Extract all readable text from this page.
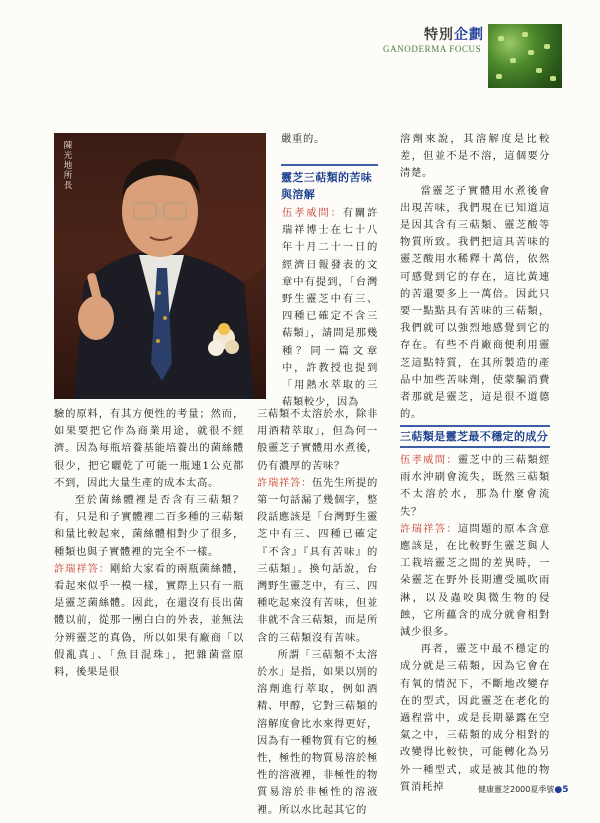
特別企劃
GANODERMA FOCUS
陳光地所長

嚴重的。

靈芝三萜類的苦味與溶解

伍孝威問：有關許瑞祥博士在七十八年十月二十一日的經濟日報發表的文章中有提到，「台灣野生靈芝中有三、四種已確定不含三萜類」，請問是那幾種？同一篇文章中，許教授也提到「用熱水萃取的三萜類較少，因為

三萜類不太溶於水，除非用酒精萃取」，但為何一般靈芝子實體用水煮後，仍有濃厚的苦味？

許瑞祥答：伍先生所提的第一句話漏了幾個字，整段話應該是「台灣野生靈芝中有三、四種已確定『不含』『具有苦味』的三萜類」。換句話說，台灣野生靈芝中，有三、四種吃起來沒有苦味，但並非就不含三萜類，而是所含的三萜類沒有苦味。

所謂「三萜類不太溶於水」是指，如果以別的溶劑進行萃取，例如酒精、甲醇，它對三萜類的溶解度會比水來得更好，因為有一種物質有它的極性，極性的物質易溶於極性的溶液裡，非極性的物質易溶於非極性的溶液裡。所以水比起其它的

驗的原料，有其方便性的考量；然而，如果要把它作為商業用途，就很不經濟。因為每瓶培養基能培養出的菌絲體很少，把它曬乾了可能一瓶連1公克都不到，因此大量生產的成本太高。

至於菌絲體裡是否含有三萜類？有，只是和子實體裡二百多種的三萜類和量比較起來，菌絲體相對少了很多，種類也與子實體裡的完全不一樣。

許瑞祥答：剛給大家看的兩瓶菌絲體，看起來似乎一模一樣，實際上只有一瓶是靈芝菌絲體。因此，在還沒有長出菌體以前，從那一團白白的外表，並無法分辨靈芝的真偽，所以如果有廠商「以假亂真」、「魚目混珠」，把雜菌當原料，後果是很

溶劑來說，其溶解度是比較差，但並不是不溶，這個要分清楚。

當靈芝子實體用水煮後會出現苦味，我們現在已知道這是因其含有三萜類、靈芝酸等物質所致。我們把這具苦味的靈芝酸用水稀釋十萬倍，依然可感覺到它的存在，這比黃連的苦還要多上一萬倍。因此只要一點點具有苦味的三萜類，我們就可以強烈地感覺到它的存在。有些不肖廠商便利用靈芝這點特質，在其所製造的產品中加些苦味劑，使蒙騙消費者那就是靈芝，這是很不道德的。

三萜類是靈芝最不穩定的成分

伍孝威問：靈芝中的三萜類經雨水沖刷會流失，既然三萜類不太溶於水，那為什麼會流失？

許瑞祥答：這問題的原本含意應該是，在比較野生靈芝與人工栽培靈芝之間的差異時，一朵靈芝在野外長期遭受風吹雨淋，以及蟲咬與微生物的侵蝕，它所蘊含的成分就會相對減少很多。

再者，靈芝中最不穩定的成分就是三萜類，因為它會在有氧的情況下，不斷地改變存在的型式，因此靈芝在老化的過程當中，或是長期暴露在空氣之中，三萜類的成分相對的改變得比較快，可能轉化為另外一種型式，或是被其他的物質消耗掉	健康靈芝2000夏季號●5
